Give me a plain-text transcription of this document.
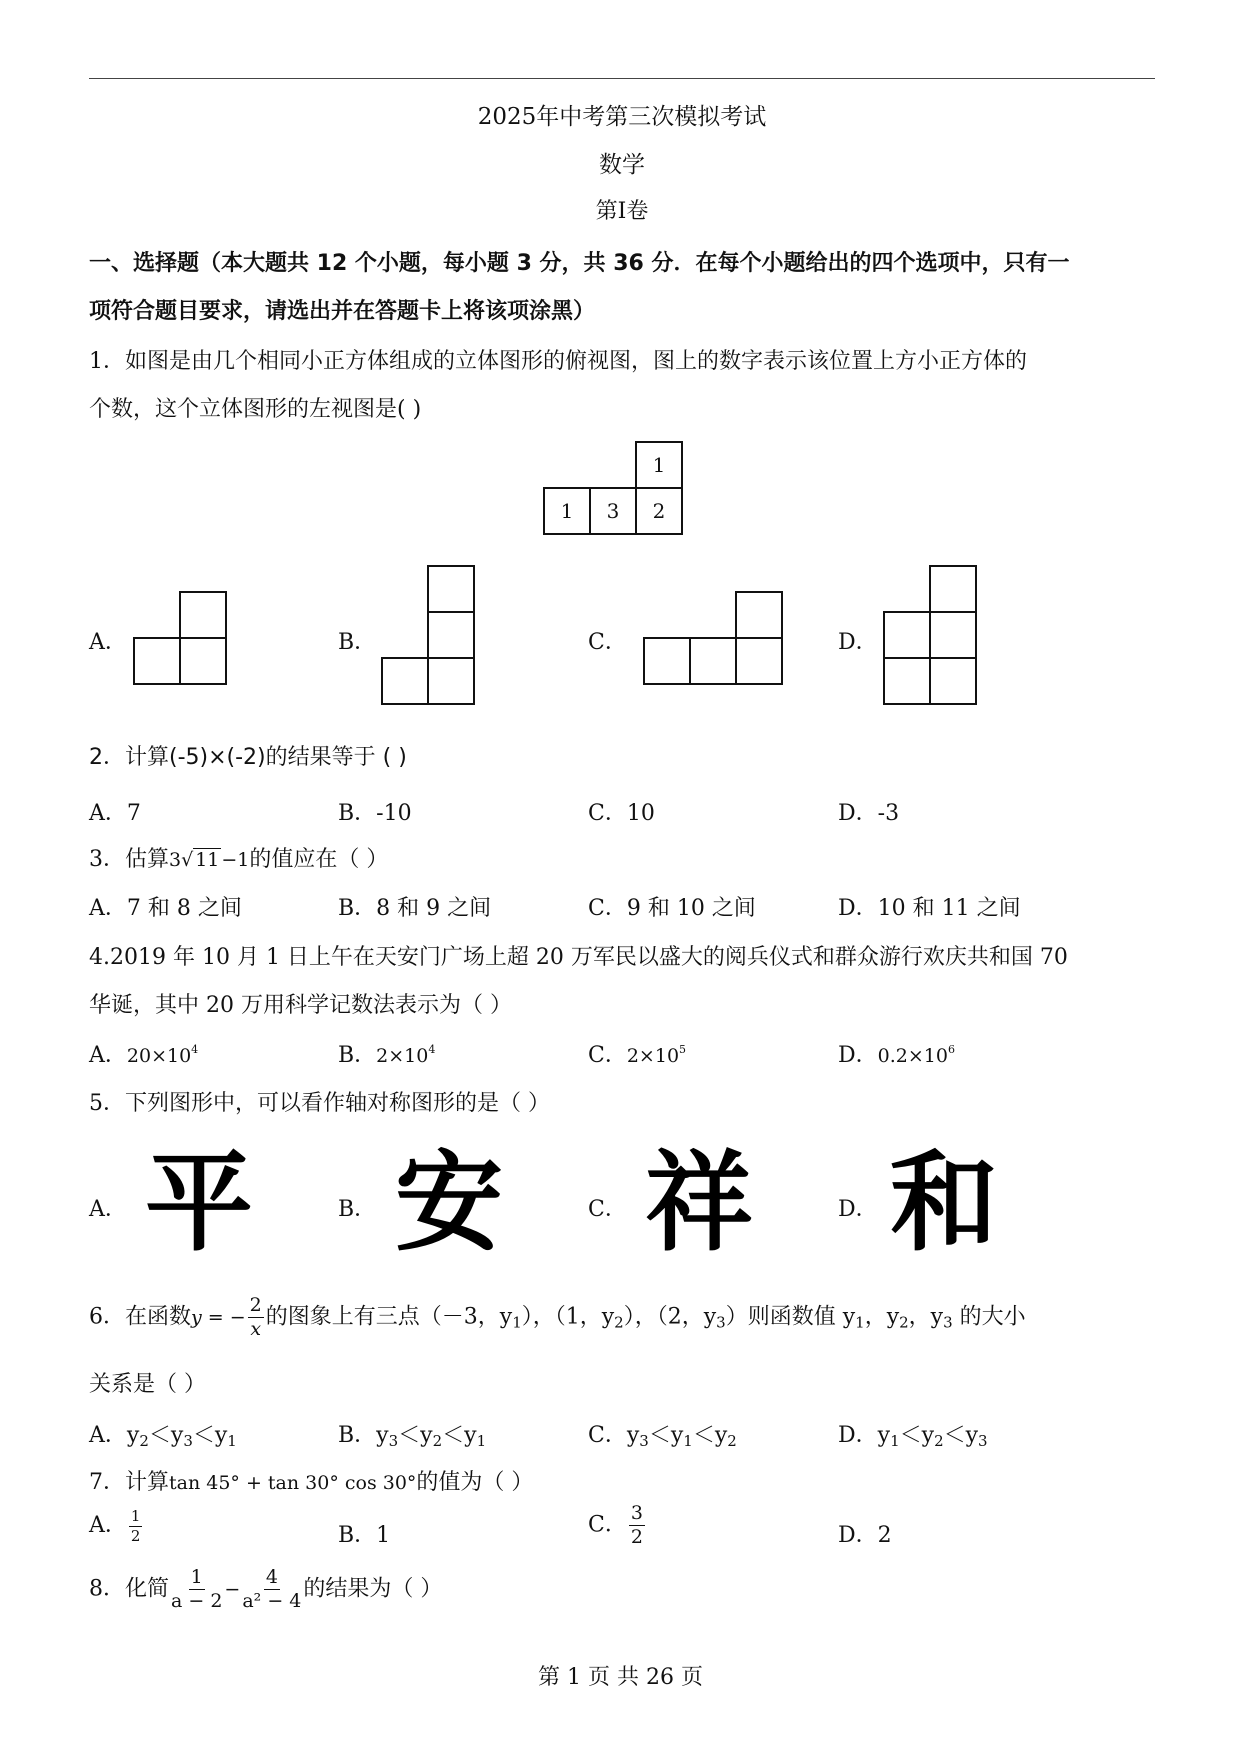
2025年中考第三次模拟考试
数学
第Ⅰ卷
一、选择题（本大题共 12 个小题，每小题 3 分，共 36 分．在每个小题给出的四个选项中，只有一
项符合题目要求，请选出并在答题卡上将该项涂黑）
1．如图是由几个相同小正方体组成的立体图形的俯视图，图上的数字表示该位置上方小正方体的
个数，这个立体图形的左视图是( )
1
1 3 2
A．	B．	C．	D．
2．计算(-5)×(-2)的结果等于 ( )
A．7	B．-10	C．10	D．-3
3．估算3√ 11 −1的值应在（ ）
A．7 和 8 之间	B．8 和 9 之间	C．9 和 10 之间	D．10 和 11 之间
4.2019 年 10 月 1 日上午在天安门广场上超 20 万军民以盛大的阅兵仪式和群众游行欢庆共和国 70
华诞，其中 20 万用科学记数法表示为（ ）
A．$20\times 10^4$	B．$2\times 10^4$	C．$2\times 10^5$	D．$0.2\times 10^6$
5．下列图形中，可以看作轴对称图形的是（ ）
A．	B．	C．	D．
平 安 祥 和
6．在函数y = − $\frac{2}{x}$ 的图象上有三点（－3，$y_1$），（1，$y_2$），（2，$y_3$）则函数值 $y_1$，$y_2$，$y_3$ 的大小
关系是（ ）
A．$y_2<y_3<y_1$	B．$y_3<y_2<y_1$	C．$y_3<y_1<y_2$	D．$y_1<y_2<y_3$
7．计算tan 45° + tan 30° cos 30°的值为（ ）
A． $\frac{1}{2}$	B．1	C． $\frac{3}{2}$	D．2
8．化简 $\frac{1}{a - 2} - \frac{4}{\text{a² − 4}}$ 的结果为（ ）
第 1 页 共 26 页
